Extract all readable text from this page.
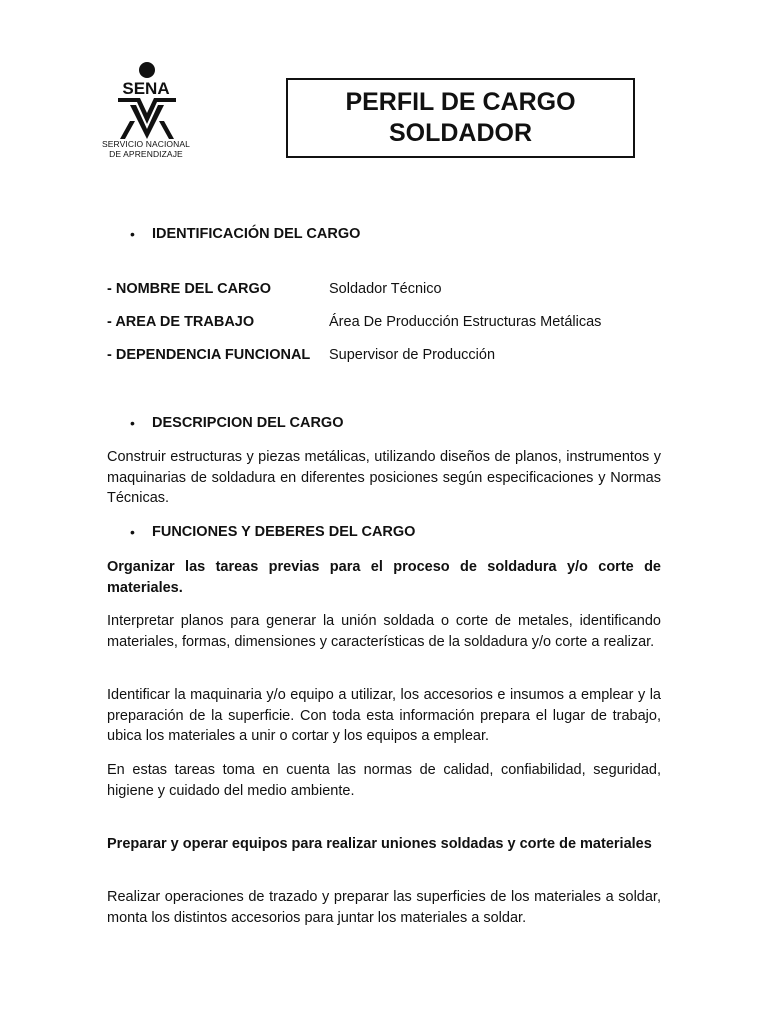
SENA
SERVICIO NACIONAL
DE APRENDIZAJE
PERFIL DE CARGO
SOLDADOR
• IDENTIFICACIÓN DEL CARGO
- NOMBRE DEL CARGO	Soldador Técnico
- AREA DE TRABAJO	Área De Producción Estructuras Metálicas
- DEPENDENCIA FUNCIONAL Supervisor de Producción
• DESCRIPCION DEL CARGO
Construir estructuras y piezas metálicas, utilizando diseños de planos, instrumentos y maquinarias de soldadura en diferentes posiciones según especificaciones y Normas Técnicas.
• FUNCIONES Y DEBERES DEL CARGO
Organizar las tareas previas para el proceso de soldadura y/o corte de materiales.
Interpretar planos para generar la unión soldada o corte de metales, identificando materiales, formas, dimensiones y características de la soldadura y/o corte a realizar.
Identificar la maquinaria y/o equipo a utilizar, los accesorios e insumos a emplear y la preparación de la superficie. Con toda esta información prepara el lugar de trabajo, ubica los materiales a unir o cortar y los equipos a emplear.
En estas tareas toma en cuenta las normas de calidad, confiabilidad, seguridad, higiene y cuidado del medio ambiente.
Preparar y operar equipos para realizar uniones soldadas y corte de materiales
Realizar operaciones de trazado y preparar las superficies de los materiales a soldar, monta los distintos accesorios para juntar los materiales a soldar.
